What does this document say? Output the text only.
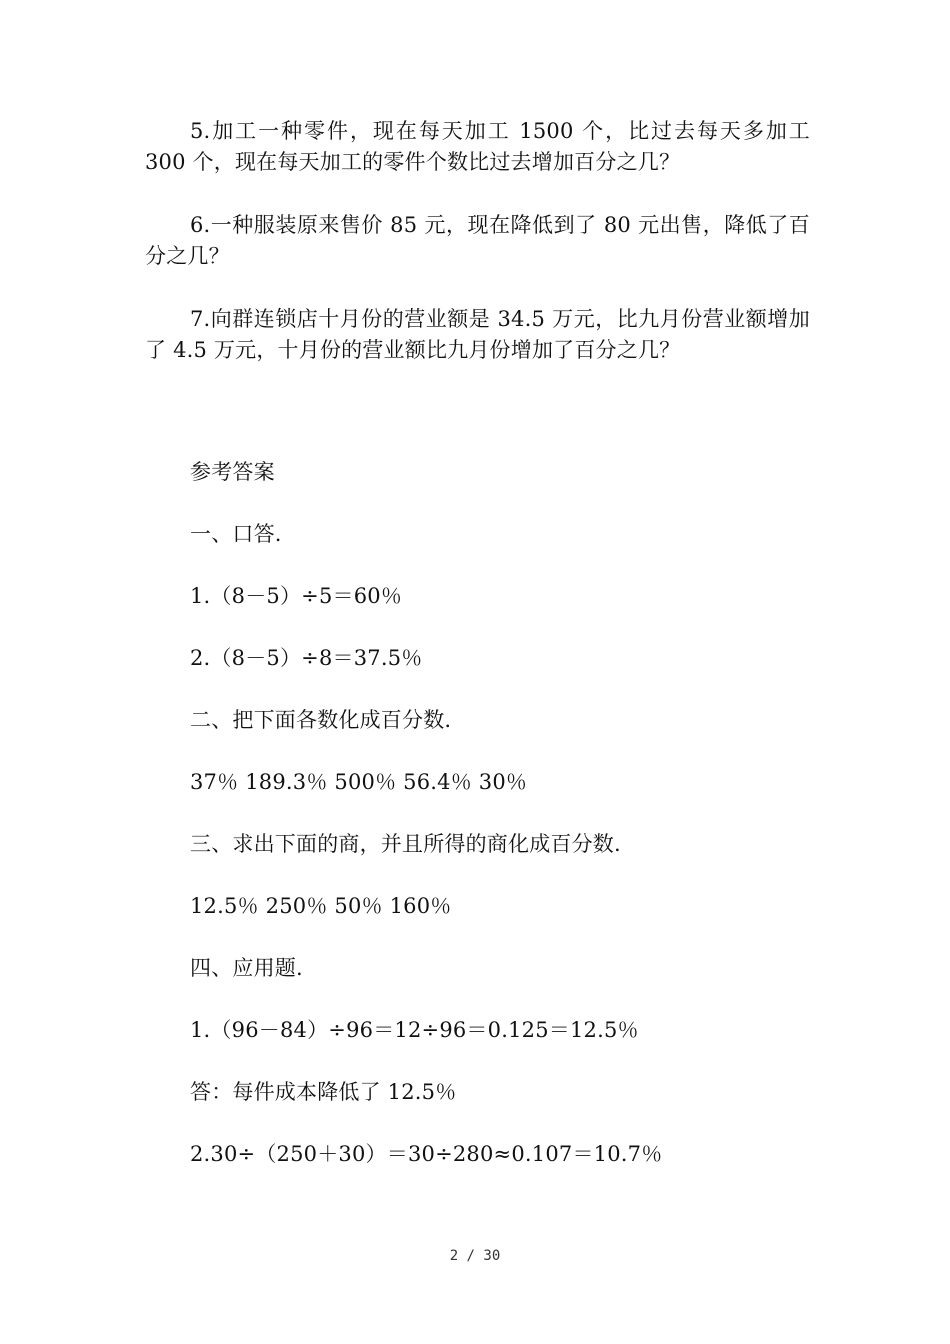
5.加工一种零件，现在每天加工 1500 个，比过去每天多加工 300 个，现在每天加工的零件个数比过去增加百分之几？

6.一种服装原来售价 85 元，现在降低到了 80 元出售，降低了百分之几？

7.向群连锁店十月份的营业额是 34.5 万元，比九月份营业额增加了 4.5 万元，十月份的营业额比九月份增加了百分之几？

参考答案
一、口答.
1.（8－5）÷5＝60％
2.（8－5）÷8＝37.5％
二、把下面各数化成百分数.
37％ 189.3％ 500％ 56.4％ 30％
三、求出下面的商，并且所得的商化成百分数.
12.5％ 250％ 50％ 160％
四、应用题.
1.（96－84）÷96＝12÷96＝0.125＝12.5％
答：每件成本降低了 12.5％
2.30÷（250＋30）＝30÷280≈0.107＝10.7％
2 / 30
